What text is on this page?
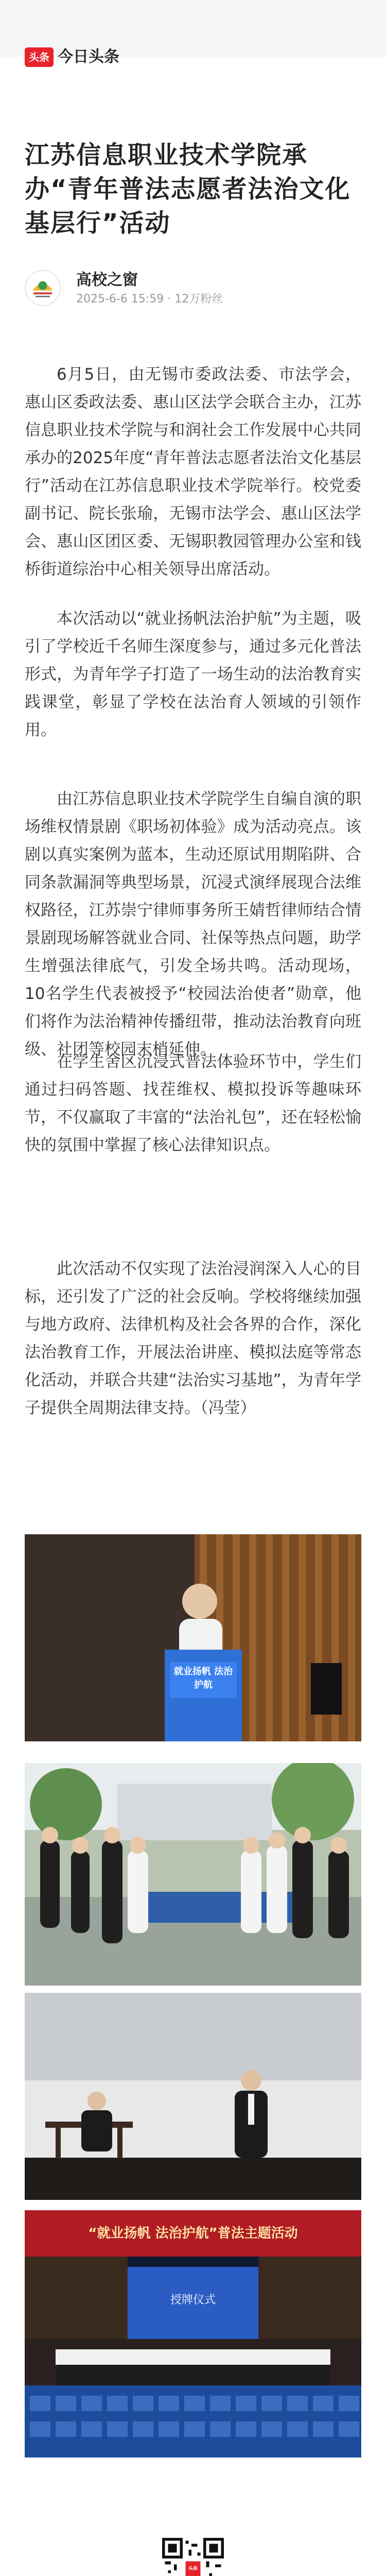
头条 今日头条
江苏信息职业技术学院承办“青年普法志愿者法治文化基层行”活动
高校之窗
2025-6-6 15:59 · 12万粉丝

6月5日，由无锡市委政法委、市法学会，惠山区委政法委、惠山区法学会联合主办，江苏信息职业技术学院与和润社会工作发展中心共同承办的2025年度“青年普法志愿者法治文化基层行”活动在江苏信息职业技术学院举行。校党委副书记、院长张瑜，无锡市法学会、惠山区法学会、惠山区团区委、无锡职教园管理办公室和钱桥街道综治中心相关领导出席活动。

本次活动以“就业扬帆法治护航”为主题，吸引了学校近千名师生深度参与，通过多元化普法形式，为青年学子打造了一场生动的法治教育实践课堂，彰显了学校在法治育人领域的引领作用。

由江苏信息职业技术学院学生自编自演的职场维权情景剧《职场初体验》成为活动亮点。该剧以真实案例为蓝本，生动还原试用期陷阱、合同条款漏洞等典型场景，沉浸式演绎展现合法维权路径，江苏崇宁律师事务所王婧哲律师结合情景剧现场解答就业合同、社保等热点问题，助学生增强法律底气，引发全场共鸣。活动现场，10名学生代表被授予“校园法治使者”勋章，他们将作为法治精神传播纽带，推动法治教育向班级、社团等校园末梢延伸。

在学生舍区沉浸式普法体验环节中，学生们通过扫码答题、找茬维权、模拟投诉等趣味环节，不仅赢取了丰富的“法治礼包”，还在轻松愉快的氛围中掌握了核心法律知识点。

此次活动不仅实现了法治浸润深入人心的目标，还引发了广泛的社会反响。学校将继续加强与地方政府、法律机构及社会各界的合作，深化法治教育工作，开展法治讲座、模拟法庭等常态化活动，并联合共建“法治实习基地”，为青年学子提供全周期法律支持。（冯莹）

就业扬帆 法治护航
“就业扬帆 法治护航”普法主题活动
授牌仪式
头条
